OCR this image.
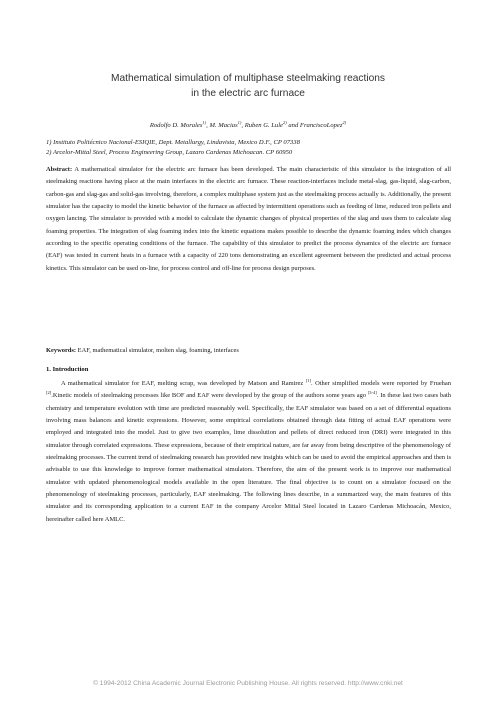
Mathematical simulation of multiphase steelmaking reactions
in the electric arc furnace
Rodolfo D. Morales$^{1)}$, M. Macias$^{1)}$, Ruben G. Lule$^{2)}$ and FranciscoLopez$^{2)}$
1) Instituto Politécnico Nacional-ESIQIE, Dept. Metallurgy, Lindavista, Mexico D.F., CP 07338
2) Arcelor-Mittal Steel, Process Engineering Group, Lazaro Cardenas Michoacan. CP 60950
Abstract: A mathematical simulator for the electric arc furnace has been developed. The main characteristic of this simulator is the integration of all steelmaking reactions having place at the main interfaces in the electric arc furnace. These reaction-interfaces include metal-slag, gas-liquid, slag-carbon, carbon-gas and slag-gas and solid-gas involving, therefore, a complex multiphase system just as the steelmaking process actually is. Additionally, the present simulator has the capacity to model the kinetic behavior of the furnace as affected by intermittent operations such as feeding of lime, reduced iron pellets and oxygen lancing. The simulator is provided with a model to calculate the dynamic changes of physical properties of the slag and uses them to calculate slag foaming properties. The integration of slag foaming index into the kinetic equations makes possible to describe the dynamic foaming index which changes according to the specific operating conditions of the furnace. The capability of this simulator to predict the process dynamics of the electric arc furnace (EAF) was tested in current heats in a furnace with a capacity of 220 tons demonstrating an excellent agreement between the predicted and actual process kinetics. This simulator can be used on-line, for process control and off-line for process design purposes.
Keywords: EAF, mathematical simulator, molten slag, foaming, interfaces
1. Introduction
A mathematical simulator for EAF, melting scrap, was developed by Matson and Ramirez [1]. Other simplified models were reported by Fruehan [2].Kinetic models of steelmaking processes like BOF and EAF were developed by the group of the authors some years ago [3-4]. In these last two cases bath chemistry and temperature evolution with time are predicted reasonably well. Specifically, the EAF simulator was based on a set of differential equations involving mass balances and kinetic expressions. However, some empirical correlations obtained through data fitting of actual EAF operations were employed and integrated into the model. Just to give two examples, lime dissolution and pellets of direct reduced iron (DRI) were integrated in this simulator through correlated expressions. These expressions, because of their empirical nature, are far away from being descriptive of the phenomenology of steelmaking processes. The current trend of steelmaking research has provided new insights which can be used to avoid the empirical approaches and then is advisable to use this knowledge to improve former mathematical simulators. Therefore, the aim of the present work is to improve our mathematical simulator with updated phenomenological models available in the open literature. The final objective is to count on a simulator focused on the phenomenology of steelmaking processes, particularly, EAF steelmaking. The following lines describe, in a summarized way, the main features of this simulator and its corresponding application to a current EAF in the company Arcelor Mittal Steel located in Lazaro Cardenas Michoacán, Mexico, hereinafter called here AMLC.
© 1994-2012 China Academic Journal Electronic Publishing House. All rights reserved. http://www.cnki.net
